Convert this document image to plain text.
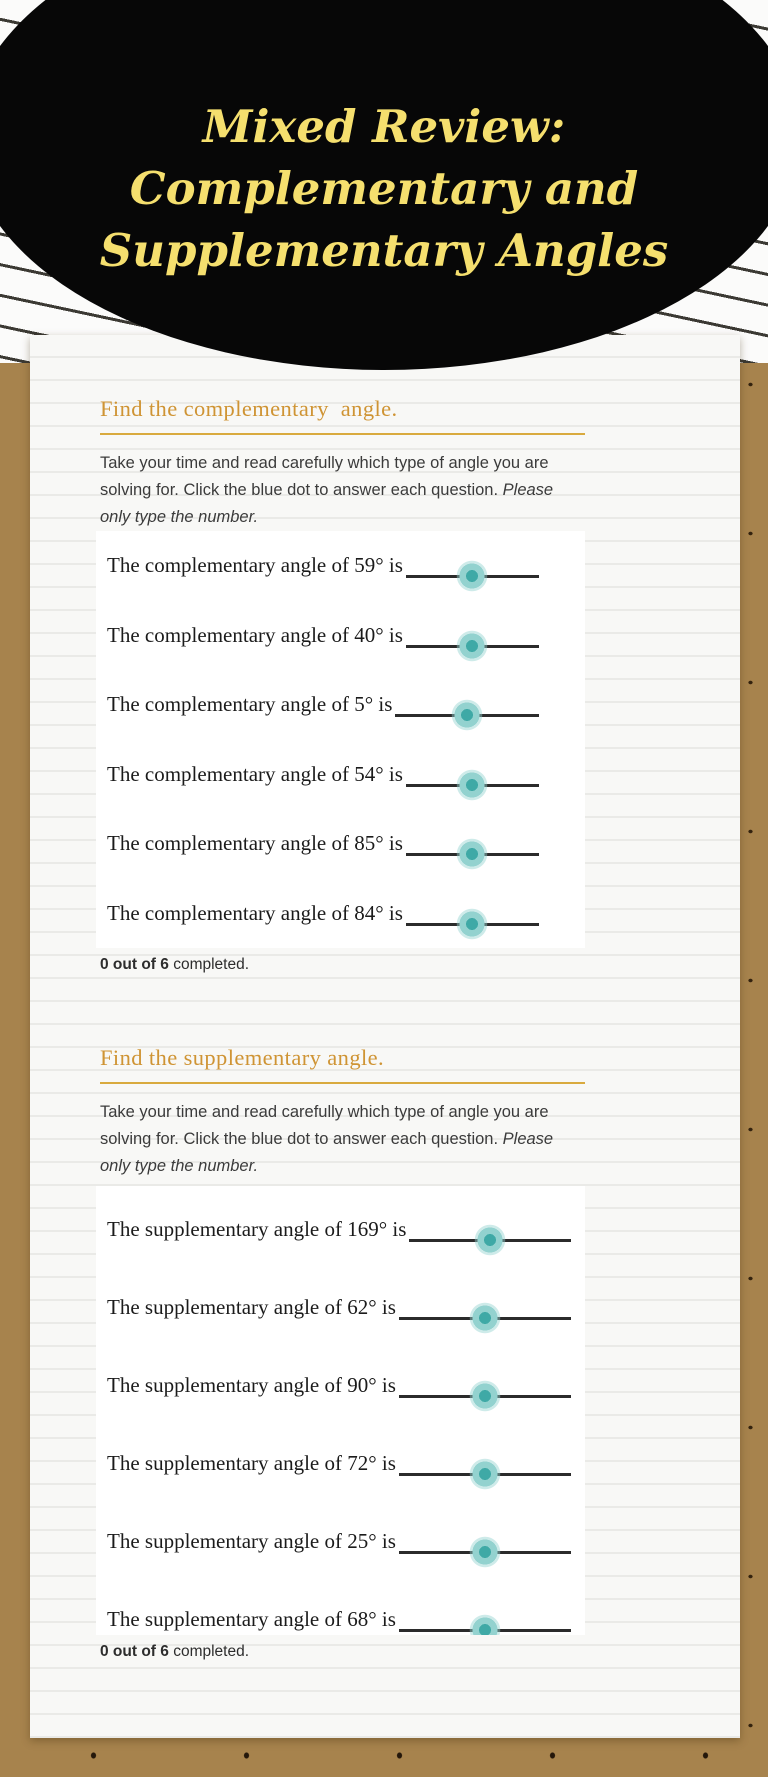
Find the complementary  angle.

Take your time and read carefully which type of angle you are solving for. Click the blue dot to answer each question. Please only type the number.

The complementary angle of 59° is
The complementary angle of 40° is
The complementary angle of 5° is
The complementary angle of 54° is
The complementary angle of 85° is
The complementary angle of 84° is

0 out of 6 completed.

Find the supplementary angle.

Take your time and read carefully which type of angle you are solving for. Click the blue dot to answer each question. Please only type the number.

The supplementary angle of 169° is
The supplementary angle of 62° is
The supplementary angle of 90° is
The supplementary angle of 72° is
The supplementary angle of 25° is
The supplementary angle of 68° is

0 out of 6 completed.

Mixed Review:
Complementary and
Supplementary Angles
